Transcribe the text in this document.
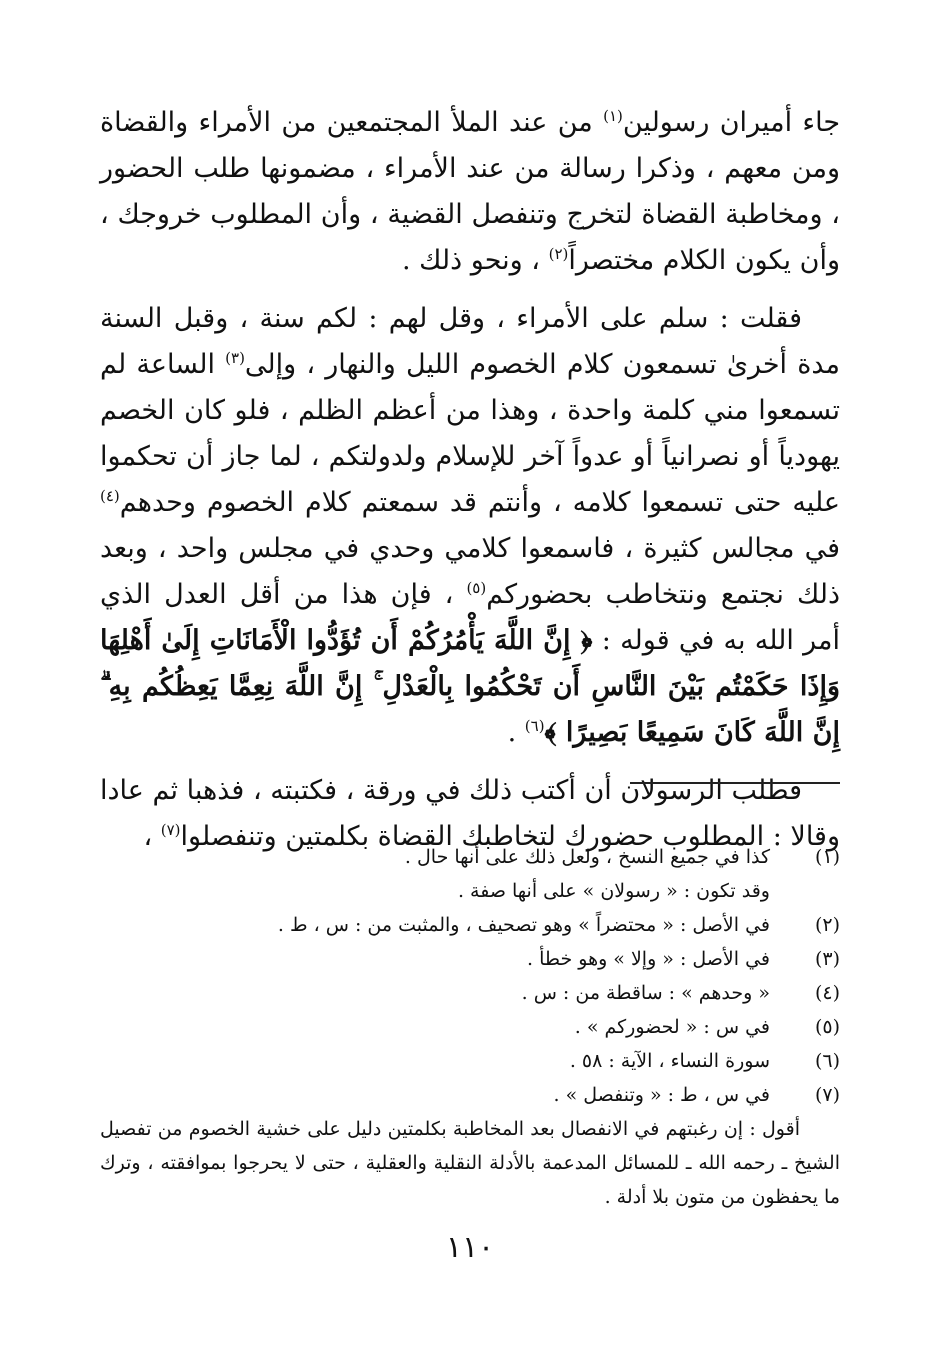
جاء أميران رسولين$^{(١)}$ من عند الملأ المجتمعين من الأمراء والقضاة ومن معهم ، وذكرا رسالة من عند الأمراء ، مضمونها طلب الحضور ، ومخاطبة القضاة لتخرج وتنفصل القضية ، وأن المطلوب خروجك ، وأن يكون الكلام مختصراً$^{(٢)}$ ، ونحو ذلك .

فقلت : سلم على الأمراء ، وقل لهم : لكم سنة ، وقبل السنة مدة أخرىٰ تسمعون كلام الخصوم الليل والنهار ، وإلى$^{(٣)}$ الساعة لم تسمعوا مني كلمة واحدة ، وهذا من أعظم الظلم ، فلو كان الخصم يهودياً أو نصرانياً أو عدواً آخر للإسلام ولدولتكم ، لما جاز أن تحكموا عليه حتى تسمعوا كلامه ، وأنتم قد سمعتم كلام الخصوم وحدهم$^{(٤)}$ في مجالس كثيرة ، فاسمعوا كلامي وحدي في مجلس واحد ، وبعد ذلك نجتمع ونتخاطب بحضوركم$^{(٥)}$ ، فإن هذا من أقل العدل الذي أمر الله به في قوله : ﴿ إِنَّ اللَّهَ يَأْمُرُكُمْ أَن تُؤَدُّوا الْأَمَانَاتِ إِلَىٰ أَهْلِهَا وَإِذَا حَكَمْتُم بَيْنَ النَّاسِ أَن تَحْكُمُوا بِالْعَدْلِ ۚ إِنَّ اللَّهَ نِعِمَّا يَعِظُكُم بِهِ ۗ إِنَّ اللَّهَ كَانَ سَمِيعًا بَصِيرًا ﴾$^{(٦)}$ .

فطلب الرسولان أن أكتب ذلك في ورقة ، فكتبته ، فذهبا ثم عادا وقالا : المطلوب حضورك لتخاطبك القضاة بكلمتين وتنفصلوا$^{(٧)}$ ،

(١)
كذا في جميع النسخ ، ولعل ذلك على أنها حال .
وقد تكون : « رسولان » على أنها صفة .
(٢)
في الأصل : « محتضراً » وهو تصحيف ، والمثبت من : س ، ط .
(٣)
في الأصل : « وإلا » وهو خطأ .
(٤)
« وحدهم » : ساقطة من : س .
(٥)
في س : « لحضوركم » .
(٦)
سورة النساء ، الآية : ٥٨ .
(٧)
في س ، ط : « وتنفصل » .
أقول : إن رغبتهم في الانفصال بعد المخاطبة بكلمتين دليل على خشية الخصوم من تفصيل الشيخ ـ رحمه الله ـ للمسائل المدعمة بالأدلة النقلية والعقلية ، حتى لا يحرجوا بموافقته ، وترك ما يحفظون من متون بلا أدلة .
١١٠
